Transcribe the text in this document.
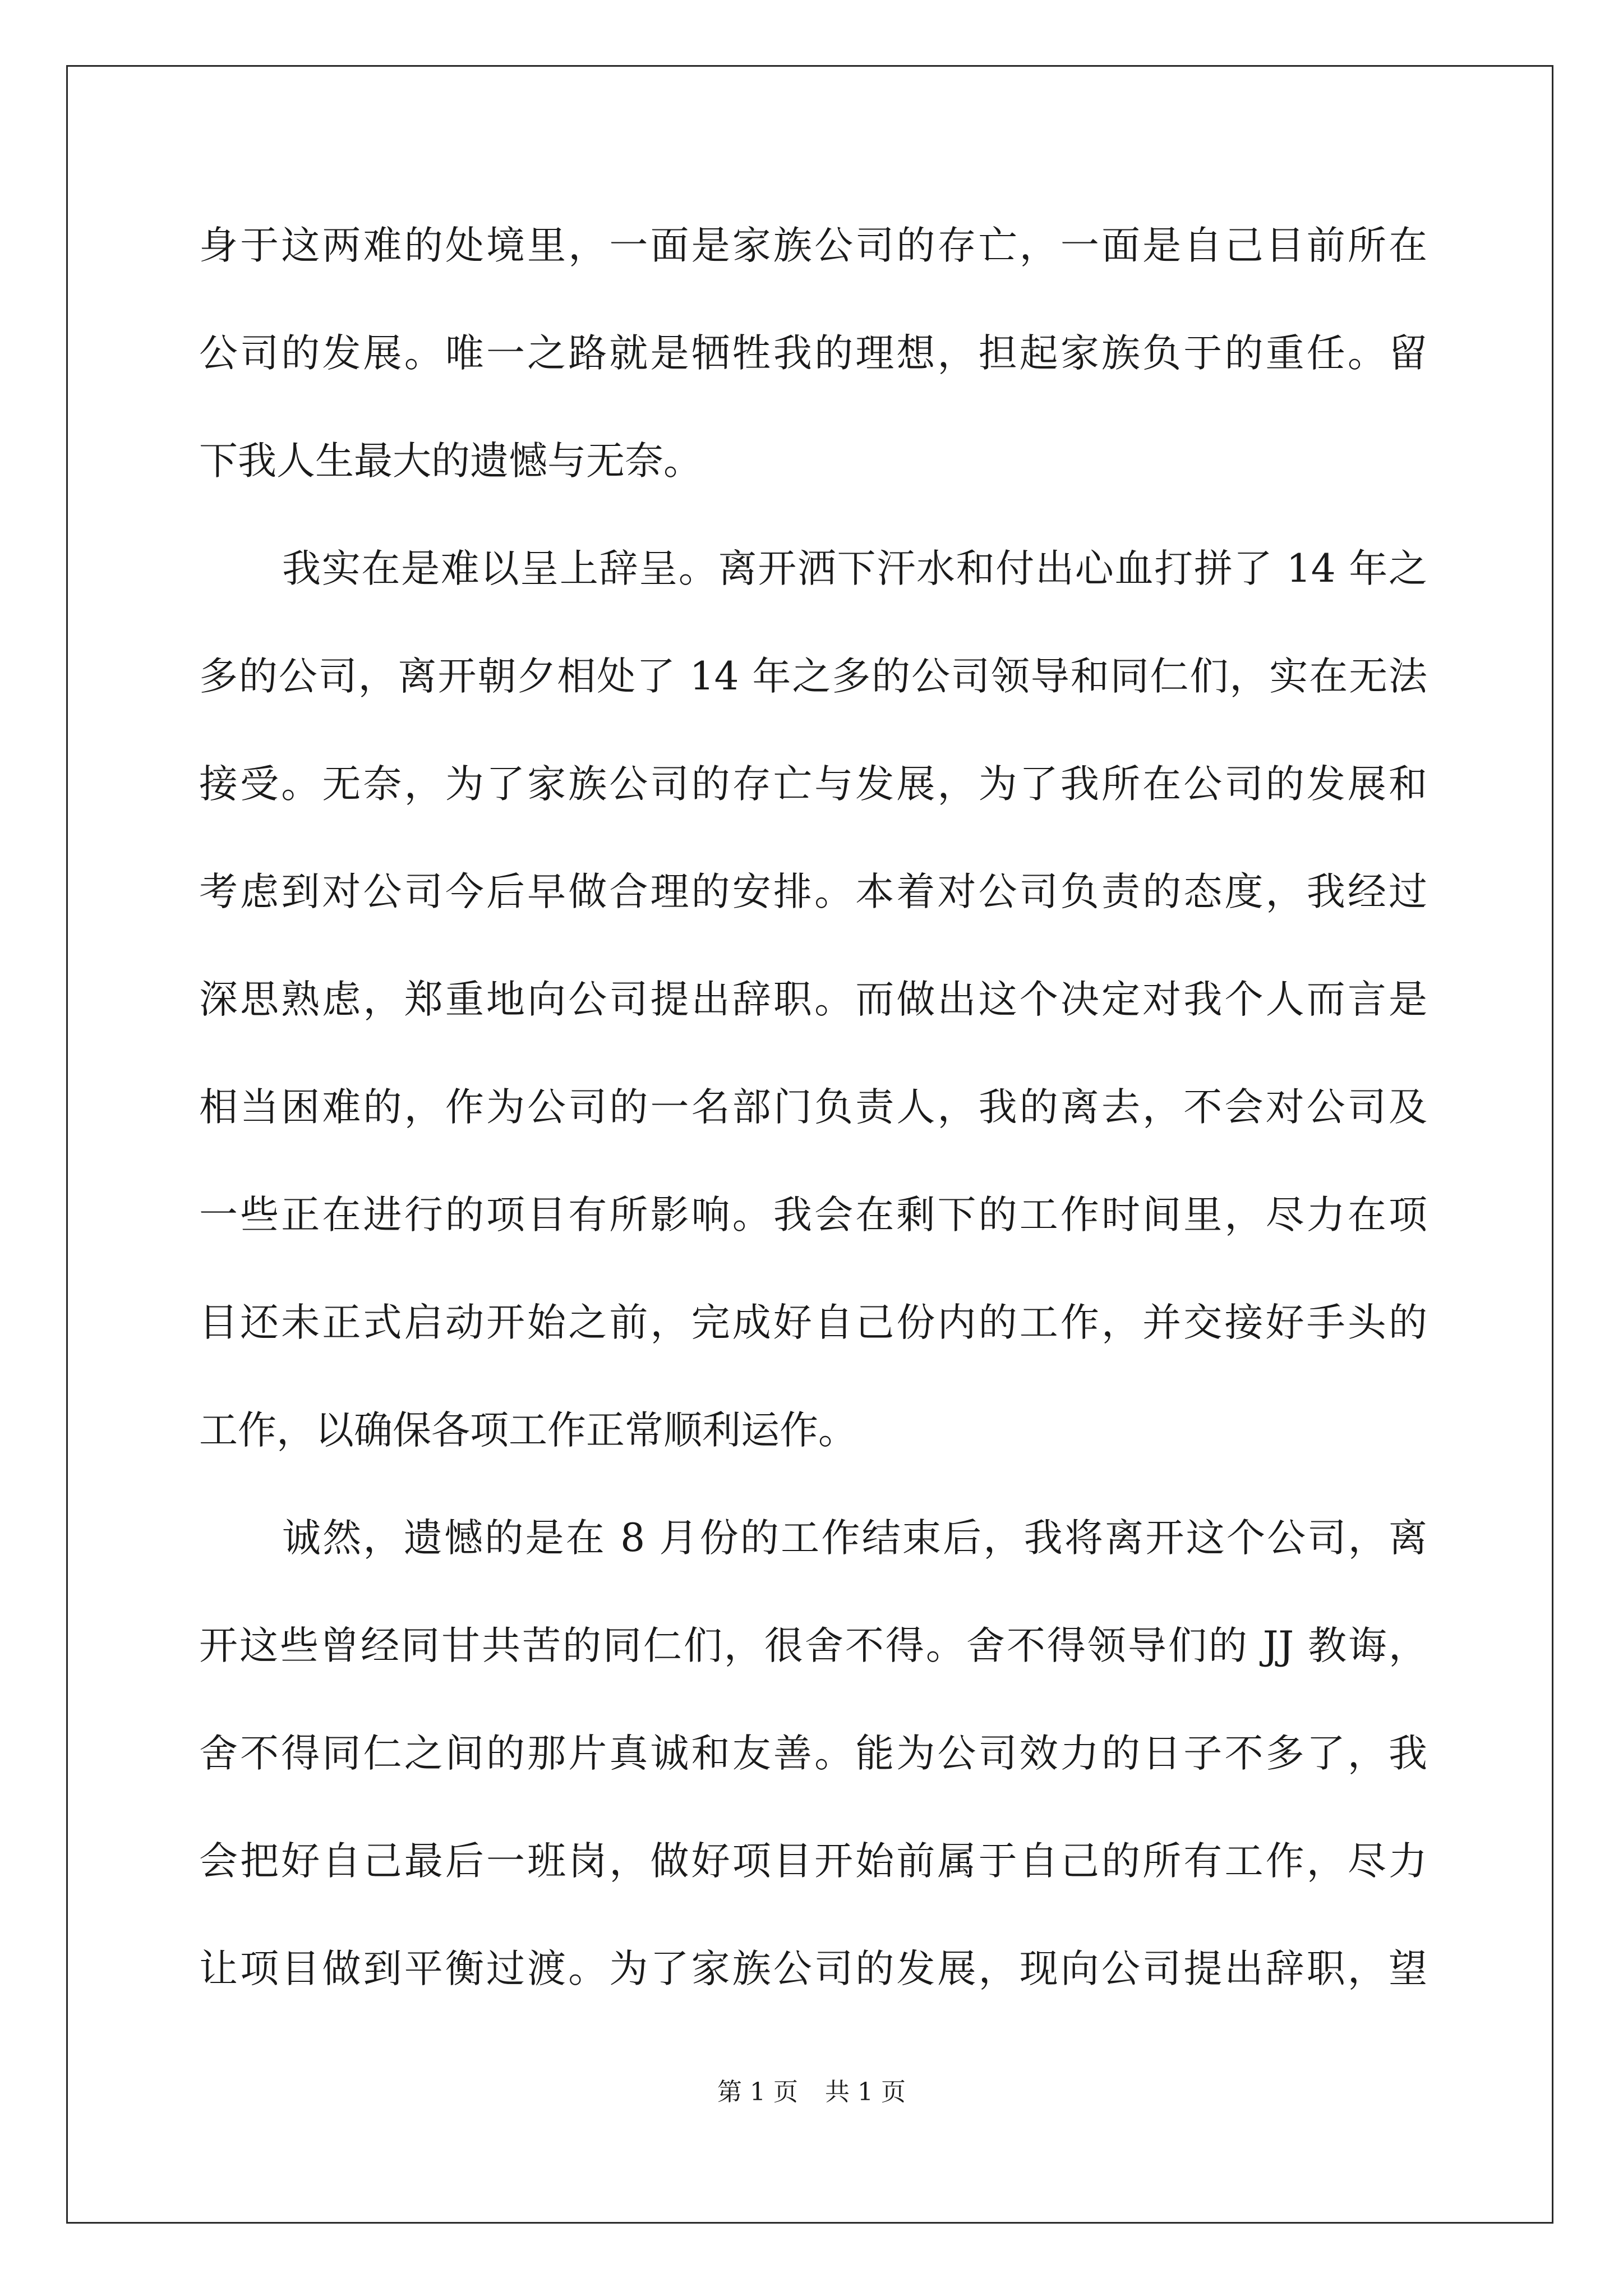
身于这两难的处境里，一面是家族公司的存亡，一面是自己目前所在
公司的发展。唯一之路就是牺牲我的理想，担起家族负于的重任。留
下我人生最大的遗憾与无奈。
我实在是难以呈上辞呈。离开洒下汗水和付出心血打拼了 14 年之
多的公司，离开朝夕相处了 14 年之多的公司领导和同仁们，实在无法
接受。无奈，为了家族公司的存亡与发展，为了我所在公司的发展和
考虑到对公司今后早做合理的安排。本着对公司负责的态度，我经过
深思熟虑，郑重地向公司提出辞职。而做出这个决定对我个人而言是
相当困难的，作为公司的一名部门负责人，我的离去，不会对公司及
一些正在进行的项目有所影响。我会在剩下的工作时间里，尽力在项
目还未正式启动开始之前，完成好自己份内的工作，并交接好手头的
工作，以确保各项工作正常顺利运作。
诚然，遗憾的是在 8 月份的工作结束后，我将离开这个公司，离
开这些曾经同甘共苦的同仁们，很舍不得。舍不得领导们的 JJ 教诲，
舍不得同仁之间的那片真诚和友善。能为公司效力的日子不多了，我
会把好自己最后一班岗，做好项目开始前属于自己的所有工作，尽力
让项目做到平衡过渡。为了家族公司的发展，现向公司提出辞职，望
第 1 页 共 1 页
